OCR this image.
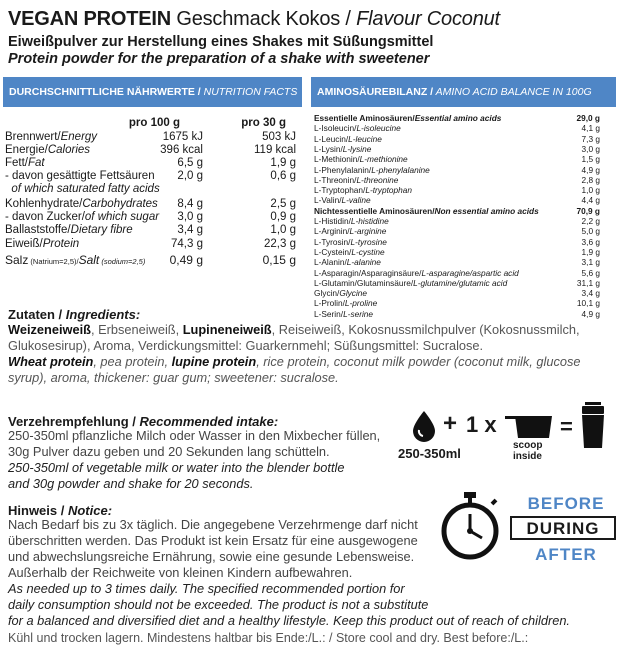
VEGAN PROTEIN Geschmack Kokos / Flavour Coconut
Eiweißpulver zur Herstellung eines Shakes mit Süßungsmittel
Protein powder for the preparation of a shake with sweetener
DURCHSCHNITTLICHE NÄHRWERTE / NUTRITION FACTS
pro 100 g	pro 30 g
Brennwert/Energy	1675 kJ	503 kJ
Energie/Calories	396 kcal	119 kcal
Fett/Fat	6,5 g	1,9 g
- davon gesättigte Fettsäuren 2,0 g	0,6 g
of which saturated fatty acids
Kohlenhydrate/Carbohydrates 8,4 g	2,5 g
- davon Zucker/of which sugar 3,0 g	0,9 g
Ballaststoffe/Dietary fibre	3,4 g	1,0 g
Eiweiß/Protein	74,3 g	22,3 g
Salz (Natrium=2,5)/Salt (sodium=2,5) 0,49 g	0,15 g
AMINOSÄUREBILANZ / AMINO ACID BALANCE IN 100G
Essentielle Aminosäuren/Essential amino acids	29,0 g
L-Isoleucin/L-isoleucine	4,1 g
L-Leucin/L-leucine	7,3 g
L-Lysin/L-lysine	3,0 g
L-Methionin/L-methionine	1,5 g
L-Phenylalanin/L-phenylalanine	4,9 g
L-Threonin/L-threonine	2,8 g
L-Tryptophan/L-tryptophan	1,0 g
L-Valin/L-valine	4,4 g
Nichtessentielle Aminosäuren/Non essential amino acids	70,9 g
L-Histidin/L-histidine	2,2 g
L-Arginin/L-arginine	5,0 g
L-Tyrosin/L-tyrosine	3,6 g
L-Cystein/L-cystine	1,9 g
L-Alanin/L-alanine	3,1 g
L-Asparagin/Asparaginsäure/L-asparagine/aspartic acid	5,6 g
L-Glutamin/Glutaminsäure/L-glutamine/glutamic acid	31,1 g
Glycin/Glycine	3,4 g
L-Prolin/L-proline	10,1 g
L-Serin/L-serine	4,9 g
Zutaten / Ingredients:
Weizeneiweiß, Erbseneiweiß, Lupineneiweiß, Reiseiweiß, Kokosnussmilchpulver (Kokosnussmilch, Glukosesirup), Aroma, Verdickungsmittel: Guarkernmehl; Süßungsmittel: Sucralose.
Wheat protein, pea protein, lupine protein, rice protein, coconut milk powder (coconut milk, glucose syrup), aroma, thickener: guar gum; sweetener: sucralose.
Verzehrempfehlung / Recommended intake:
250-350ml pflanzliche Milch oder Wasser in den Mixbecher füllen,
30g Pulver dazu geben und 20 Sekunden lang schütteln.
250-350ml of vegetable milk or water into the blender bottle
and 30g powder and shake for 20 seconds.
+ 1 x	=
250-350ml
scoop
inside
Hinweis / Notice:
Nach Bedarf bis zu 3x täglich. Die angegebene Verzehrmenge darf nicht
überschritten werden. Das Produkt ist kein Ersatz für eine ausgewogene
und abwechslungsreiche Ernährung, sowie eine gesunde Lebensweise.
Außerhalb der Reichweite von kleinen Kindern aufbewahren.
As needed up to 3 times daily. The specified recommended portion for
daily consumption should not be exceeded. The product is not a substitute
for a balanced and diversified diet and a healthy lifestyle. Keep this product out of reach of children.
BEFORE
DURING
AFTER
Kühl und trocken lagern. Mindestens haltbar bis Ende:/L.: / Store cool and dry. Best before:/L.:
